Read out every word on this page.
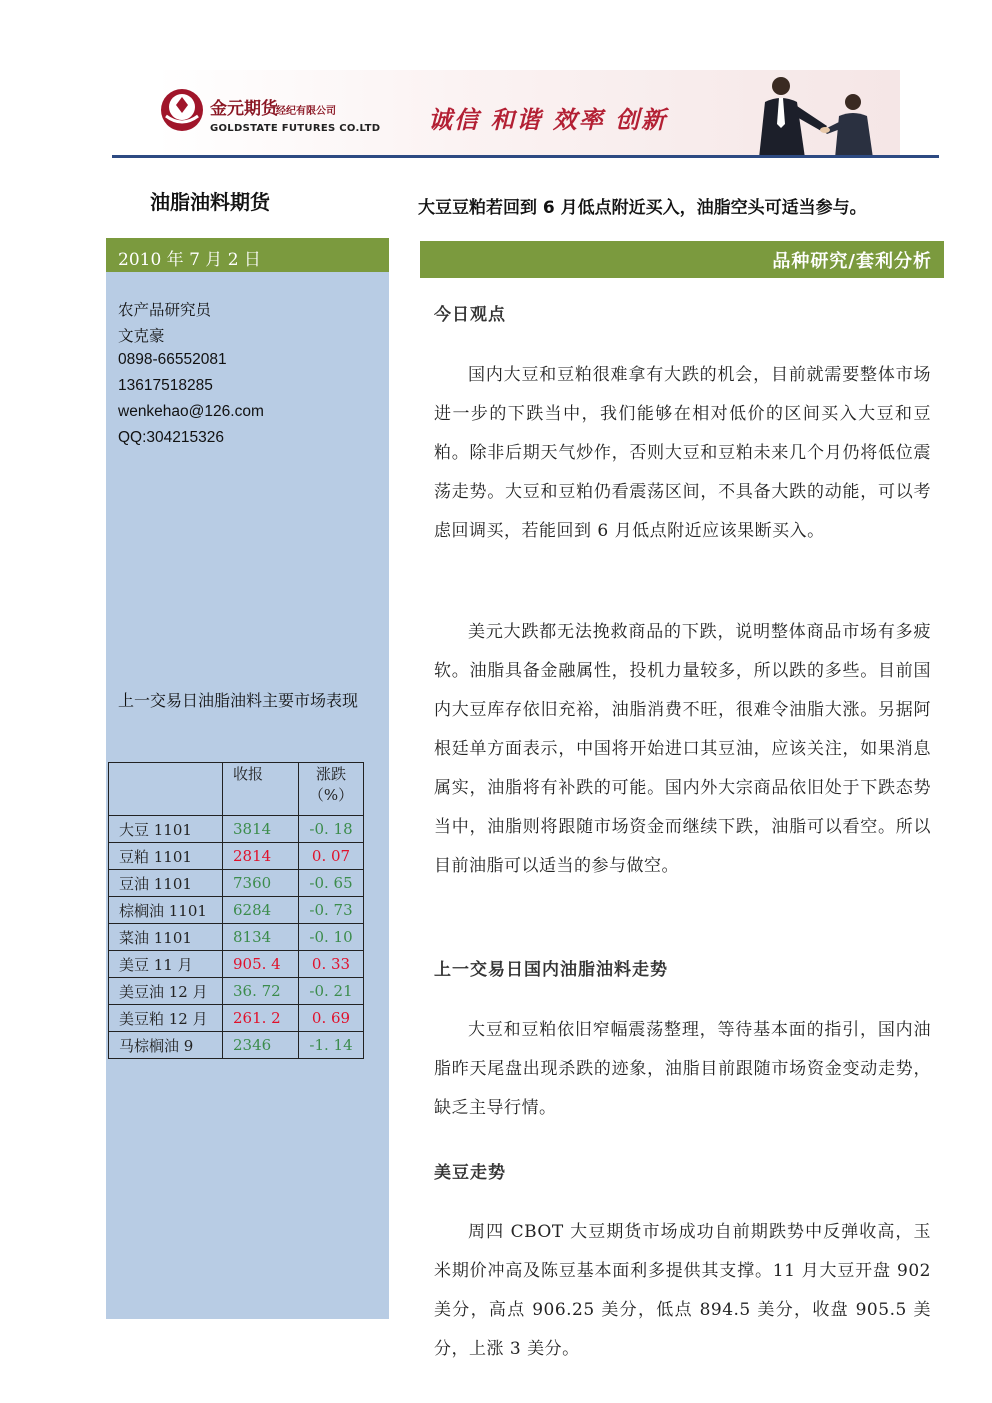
金元期货
经纪有限公司
GOLDSTATE FUTURES CO.LTD 诚信 和谐 效率 创新
油脂油料期货	大豆豆粕若回到 6 月低点附近买入，油脂空头可适当参与。
2010 年 7 月 2 日
农产品研究员
文克豪
0898-66552081
13617518285
wenkehao@126.com
QQ:304215326
上一交易日油脂油料主要市场表现
	收报	涨跌
（%）

大豆 1101	3814	-0. 18
豆粕 1101	2814	0. 07
豆油 1101	7360	-0. 65
棕榈油 1101	6284	-0. 73
菜油 1101	8134	-0. 10
美豆 11 月	905. 4	0. 33
美豆油 12 月	36. 72	-0. 21
美豆粕 12 月	261. 2	0. 69
马棕榈油 9	2346	-1. 14
品种研究/套利分析
今日观点
国内大豆和豆粕很难拿有大跌的机会，目前就需要整体市场进一步的下跌当中，我们能够在相对低价的区间买入大豆和豆粕。除非后期天气炒作，否则大豆和豆粕未来几个月仍将低位震荡走势。大豆和豆粕仍看震荡区间，不具备大跌的动能，可以考虑回调买，若能回到 6 月低点附近应该果断买入。
美元大跌都无法挽救商品的下跌，说明整体商品市场有多疲软。油脂具备金融属性，投机力量较多，所以跌的多些。目前国内大豆库存依旧充裕，油脂消费不旺，很难令油脂大涨。另据阿根廷单方面表示，中国将开始进口其豆油，应该关注，如果消息属实，油脂将有补跌的可能。国内外大宗商品依旧处于下跌态势当中，油脂则将跟随市场资金而继续下跌，油脂可以看空。所以目前油脂可以适当的参与做空。
上一交易日国内油脂油料走势
大豆和豆粕依旧窄幅震荡整理，等待基本面的指引，国内油脂昨天尾盘出现杀跌的迹象，油脂目前跟随市场资金变动走势，缺乏主导行情。
美豆走势
周四 CBOT 大豆期货市场成功自前期跌势中反弹收高，玉米期价冲高及陈豆基本面利多提供其支撑。11 月大豆开盘 902 美分，高点 906.25 美分，低点 894.5 美分，收盘 905.5 美分，上涨 3 美分。
